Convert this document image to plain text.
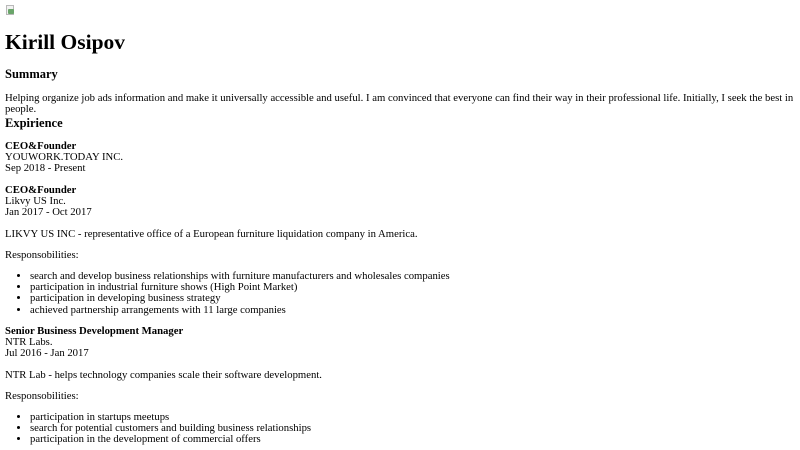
Kirill Osipov
Summary

Helping organize job ads information and make it universally accessible and useful. I am convinced that everyone can find their way in their professional life. Initially, I seek the best in people.

Expirience
CEO&Founder
YOUWORK.TODAY INC.
Sep 2018 - Present
CEO&Founder
Likvy US Inc.
Jan 2017 - Oct 2017

LIKVY US INC - representative office of a European furniture liquidation company in America.

Responsobilities:

• search and develop business relationships with furniture manufacturers and wholesales companies
• participation in industrial furniture shows (High Point Market)
• participation in developing business strategy
• achieved partnership arrangements with 11 large companies
Senior Business Development Manager
NTR Labs.
Jul 2016 - Jan 2017

NTR Lab - helps technology companies scale their software development.

Responsobilities:

• participation in startups meetups
• search for potential customers and building business relationships
• participation in the development of commercial offers
